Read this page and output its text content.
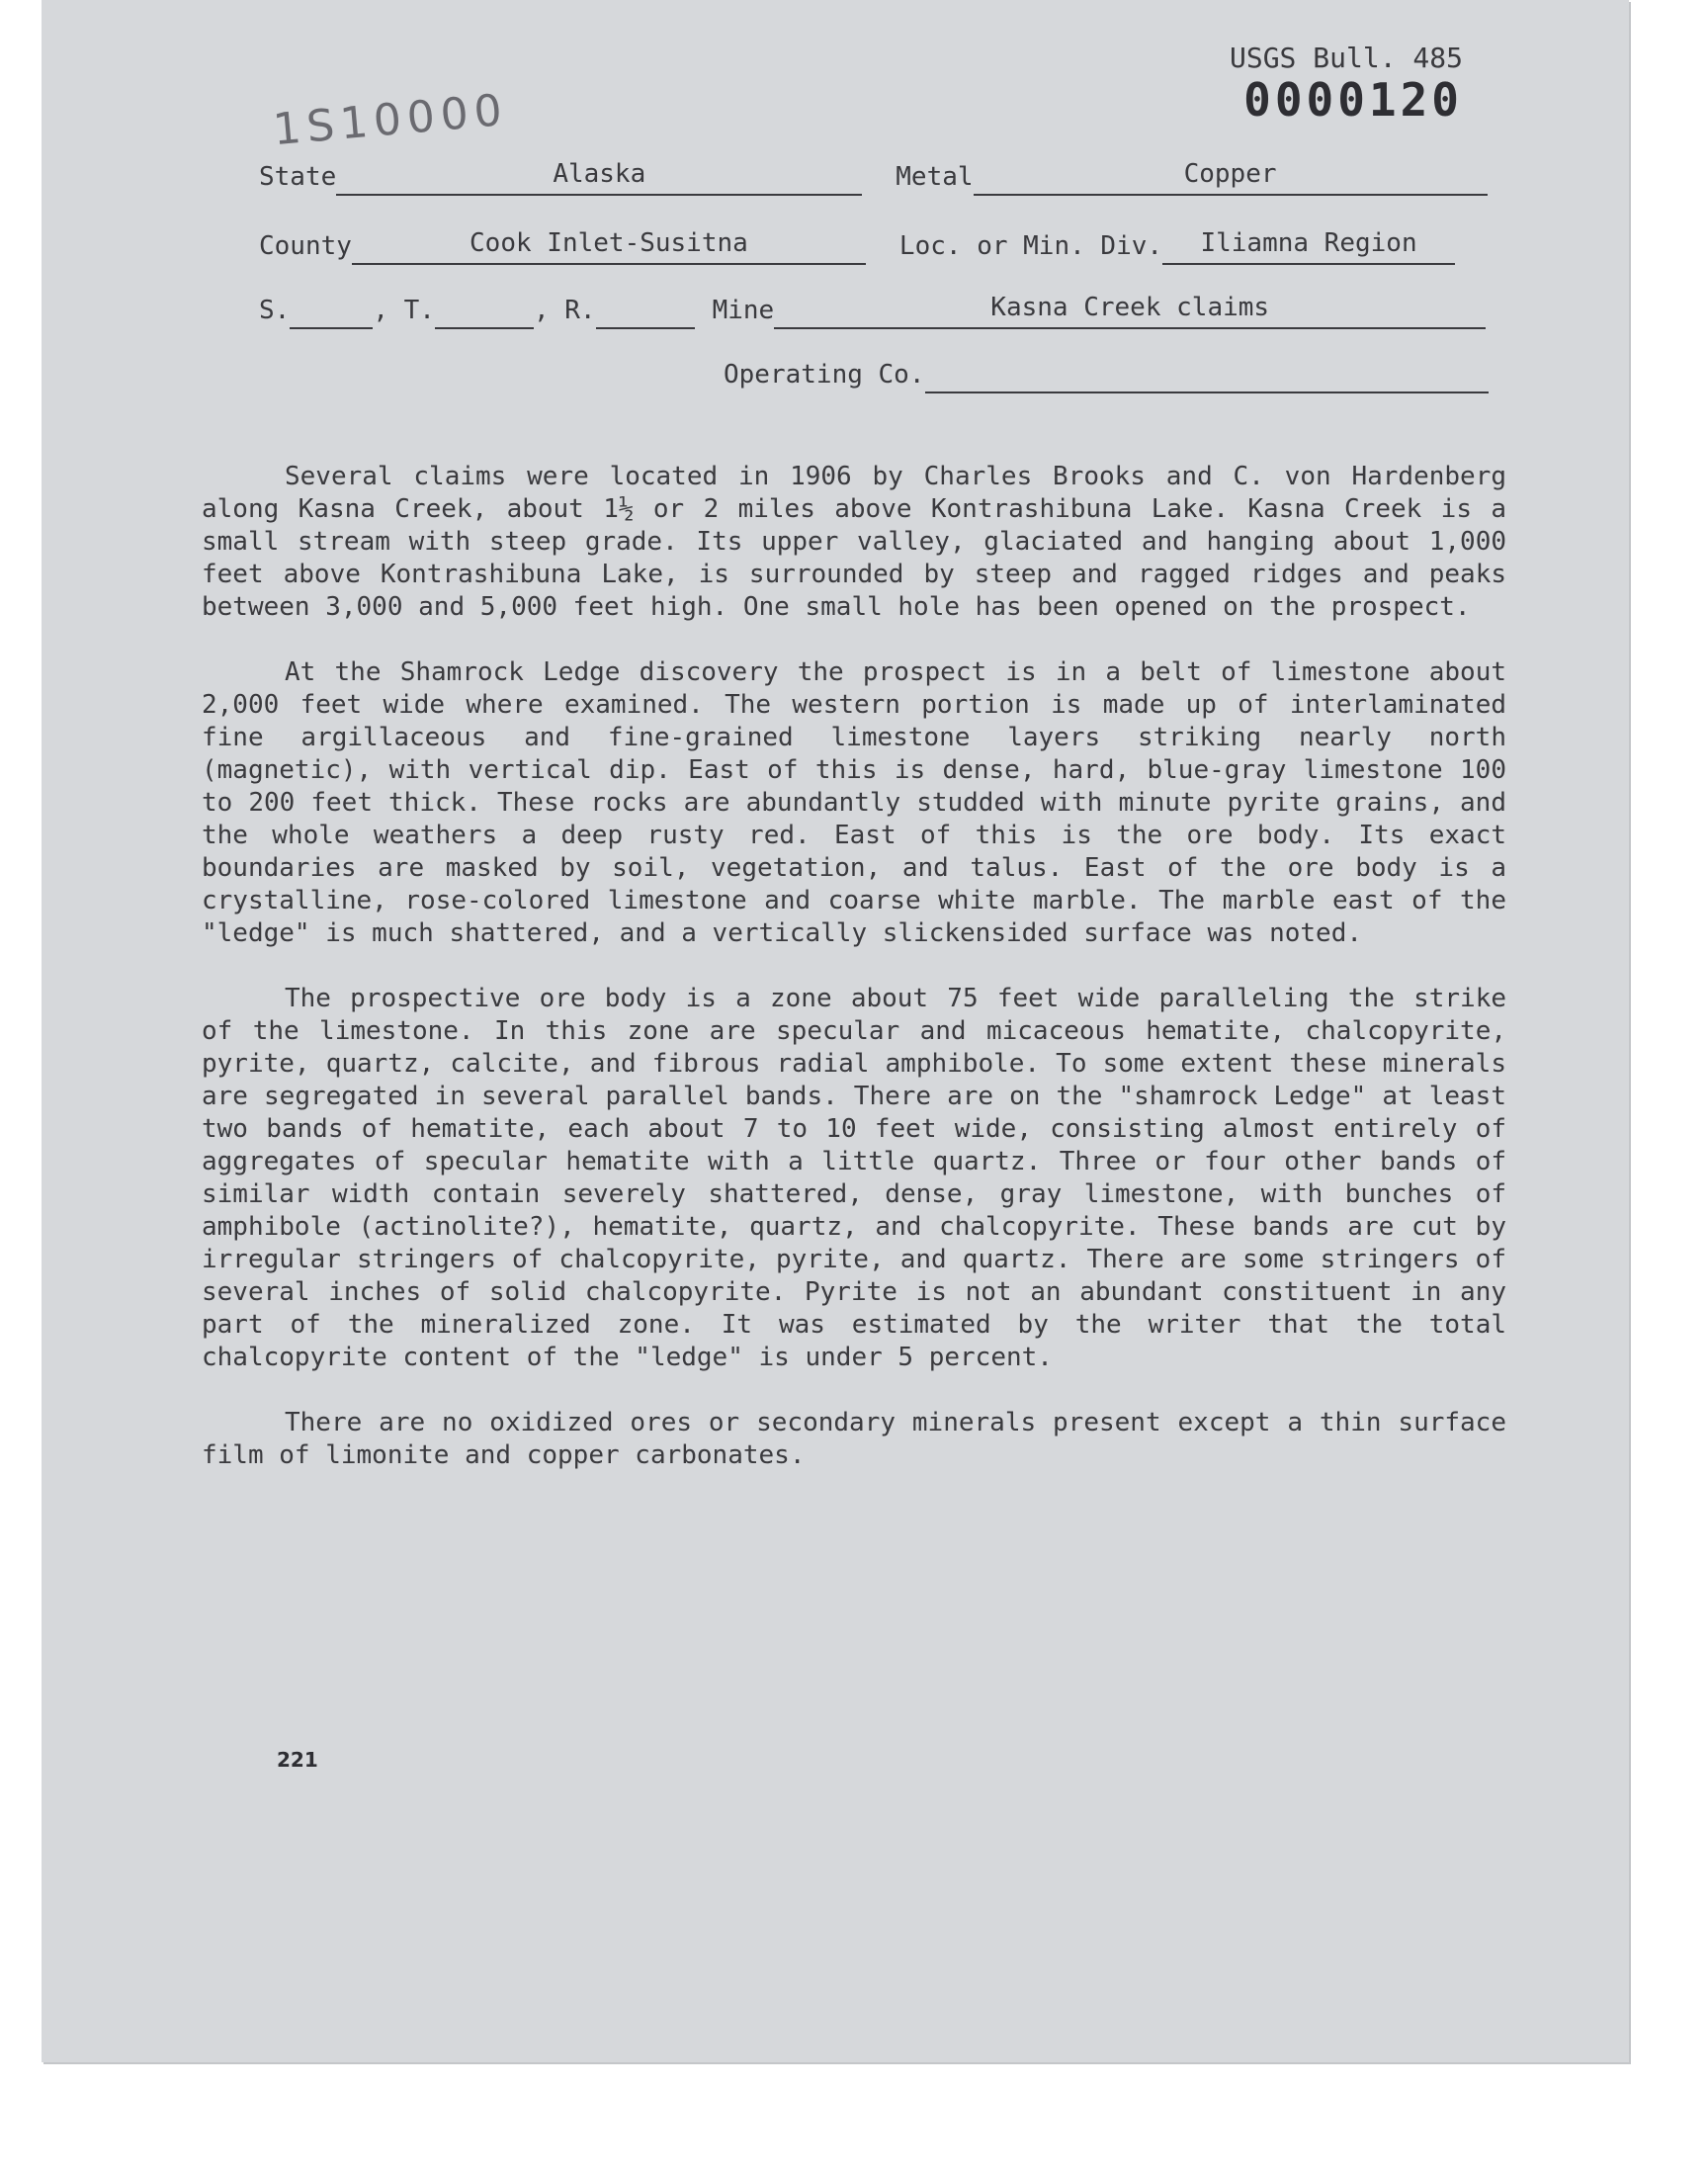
USGS Bull. 485
0000120
1S10000
State	Alaska	Metal	Copper
County	Cook Inlet-Susitna	Loc. or Min. Div.	Iliamna Region
S.	, T.	, R.	Mine	Kasna Creek claims
Operating Co.

Several claims were located in 1906 by Charles Brooks and C. von Hardenberg along Kasna Creek, about 1½ or 2 miles above Kontrashibuna Lake. Kasna Creek is a small stream with steep grade. Its upper valley, glaciated and hanging about 1,000 feet above Kontrashibuna Lake, is surrounded by steep and ragged ridges and peaks between 3,000 and 5,000 feet high. One small hole has been opened on the prospect.

At the Shamrock Ledge discovery the prospect is in a belt of limestone about 2,000 feet wide where examined. The western portion is made up of interlaminated fine argillaceous and fine-grained limestone layers striking nearly north (magnetic), with vertical dip. East of this is dense, hard, blue-gray limestone 100 to 200 feet thick. These rocks are abundantly studded with minute pyrite grains, and the whole weathers a deep rusty red. East of this is the ore body. Its exact boundaries are masked by soil, vegetation, and talus. East of the ore body is a crystalline, rose-colored limestone and coarse white marble. The marble east of the "ledge" is much shattered, and a vertically slickensided surface was noted.

The prospective ore body is a zone about 75 feet wide paralleling the strike of the limestone. In this zone are specular and micaceous hematite, chalcopyrite, pyrite, quartz, calcite, and fibrous radial amphibole. To some extent these minerals are segregated in several parallel bands. There are on the "shamrock Ledge" at least two bands of hematite, each about 7 to 10 feet wide, consisting almost entirely of aggregates of specular hematite with a little quartz. Three or four other bands of similar width contain severely shattered, dense, gray limestone, with bunches of amphibole (actinolite?), hematite, quartz, and chalcopyrite. These bands are cut by irregular stringers of chalcopyrite, pyrite, and quartz. There are some stringers of several inches of solid chalcopyrite. Pyrite is not an abundant constituent in any part of the mineralized zone. It was estimated by the writer that the total chalcopyrite content of the "ledge" is under 5 percent.

There are no oxidized ores or secondary minerals present except a thin surface film of limonite and copper carbonates.

221
